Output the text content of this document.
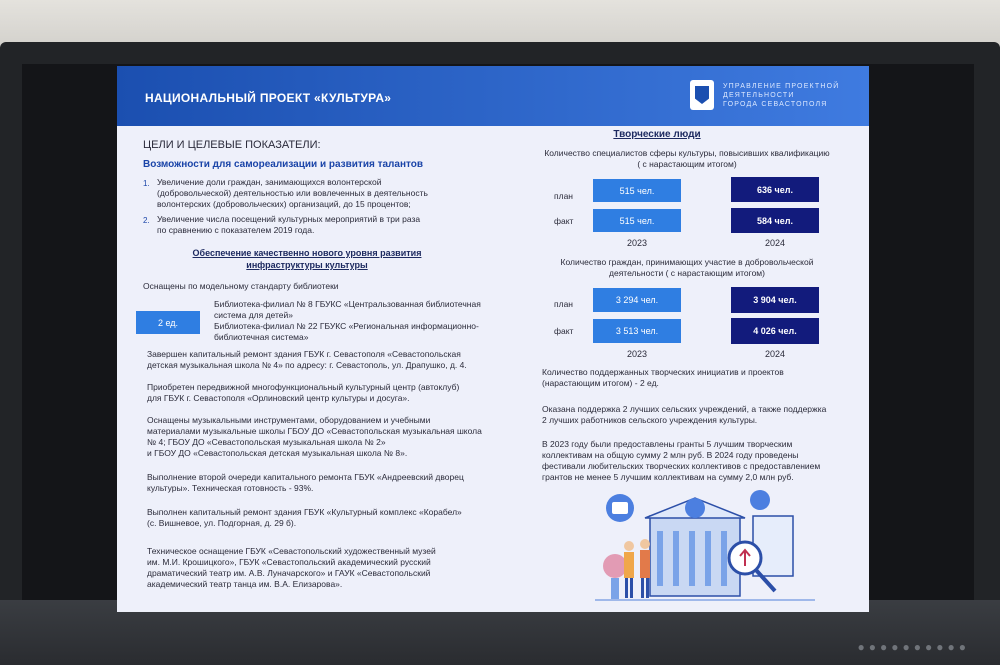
●●●●●●●●●●
НАЦИОНАЛЬНЫЙ ПРОЕКТ «КУЛЬТУРА»
УПРАВЛЕНИЕ ПРОЕКТНОЙ
ДЕЯТЕЛЬНОСТИ
ГОРОДА СЕВАСТОПОЛЯ
ЦЕЛИ И ЦЕЛЕВЫЕ ПОКАЗАТЕЛИ:
Возможности для самореализации и развития талантов
1. Увеличение доли граждан, занимающихся волонтерской
(добровольческой) деятельностью или вовлеченных в деятельность
волонтерских (добровольческих) организаций, до 15 процентов;
2. Увеличение числа посещений культурных мероприятий в три раза
по сравнению с показателем 2019 года.
Обеспечение качественно нового уровня развития
инфраструктуры культуры
Оснащены по модельному стандарту библиотеки
2 ед.
Библиотека-филиал № 8 ГБУКС «Центральзованная библиотечная
система для детей»
Библиотека-филиал № 22 ГБУКС «Региональная информационно-
библиотечная система»
Завершен капитальный ремонт здания ГБУК г. Севастополя «Севастопольская
детская музыкальная школа № 4» по адресу: г. Севастополь, ул. Драпушко, д. 4.
Приобретен передвижной многофункциональный культурный центр (автоклуб)
для ГБУК г. Севастополя «Орлиновский центр культуры и досуга».
Оснащены музыкальными инструментами, оборудованием и учебными
материалами музыкальные школы ГБОУ ДО «Севастопольская музыкальная школа
№ 4; ГБОУ ДО «Севастопольская музыкальная школа № 2»
и ГБОУ ДО «Севастопольская детская музыкальная школа № 8».
Выполнение второй очереди капитального ремонта ГБУК «Андреевский дворец
культуры». Техническая готовность - 93%.
Выполнен капитальный ремонт здания ГБУК «Культурный комплекс «Корабел»
(с. Вишневое, ул. Подгорная, д. 29 б).
Техническое оснащение ГБУК «Севастопольский художественный музей
им. М.И. Крошицкого», ГБУК «Севастопольский академический русский
драматический театр им. А.В. Луначарского» и ГАУК «Севастопольский
академический театр танца им. В.А. Елизарова».
Творческие люди
Количество специалистов сферы культуры, повысивших квалификацию
( с нарастающим итогом)
план
факт
515 чел.
515 чел.
636 чел.
584 чел.
2023	2024
Количество граждан, принимающих участие в добровольческой
деятельности ( с нарастающим итогом)
план
факт
3 294 чел.
3 513 чел.
3 904 чел.
4 026 чел.
2023	2024
Количество поддержанных творческих инициатив и проектов
(нарастающим итогом) - 2 ед.
Оказана поддержка 2 лучших сельских учреждений, а также поддержка
2 лучших работников сельского учреждения культуры.
В 2023 году были предоставлены гранты 5 лучшим творческим
коллективам на общую сумму 2 млн руб. В 2024 году проведены
фестивали любительских творческих коллективов с предоставлением
грантов не менее 5 лучшим коллективам на сумму 2,0 млн руб.
